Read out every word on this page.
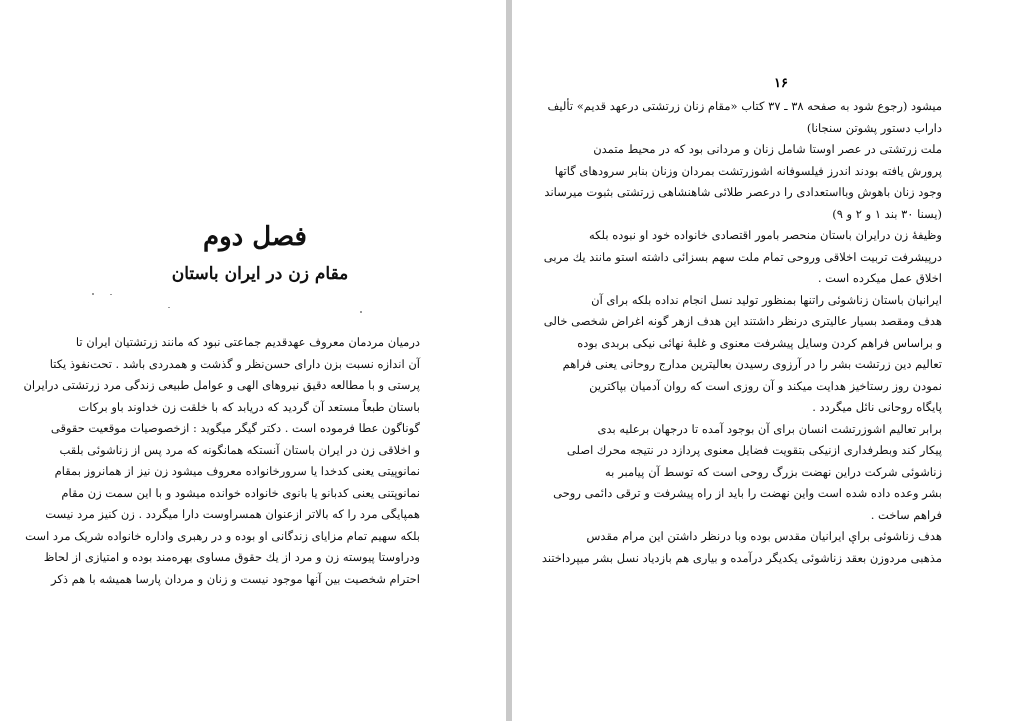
فصل دوم
مقام زن در ایران باستان
درمیان مردمان معروف عهدقدیم جماعتی نبود که مانند زرتشتیان ایران تا
آن اندازه نسبت بزن دارای حسن‌نظر و گذشت و همدردی باشد . تحت‌نفوذ یکتا
پرستی و با مطالعه دقیق نیروهای الهی و عوامل طبیعی زندگی مرد زرتشتی درایران
باستان طبعاً مستعد آن گردید که دریابد که با خلقت زن خداوند باو برکات
گوناگون عطا فرموده است . دکتر گیگر میگوید : ازخصوصیات موقعیت حقوقی
و اخلاقی زن در ایران باستان آنستکه همانگونه که مرد پس از زناشوئی بلقب
نمانوپیتی یعنی کدخدا یا سرورخانواده معروف میشود زن نیز از همانروز بمقام
نمانوپتنی یعنی کدبانو یا بانوی خانواده خوانده میشود و با این سمت زن مقام
همپایگی مرد را که بالاتر ازعنوان همسراوست دارا میگردد . زن کنیز مرد نیست
بلکه سهیم تمام مزایای زندگانی او بوده و در رهبری واداره خانواده شریک مرد است
ودراوستا پیوسته زن و مرد از یك حقوق مساوی بهره‌مند بوده و امتیازی از لحاظ
احترام شخصیت بین آنها موجود نیست و زنان و مردان پارسا همیشه با هم ذکر
۱۶
میشود (رجوع شود به صفحه ۳۸ ـ ۳۷ کتاب «مقام زنان زرتشتی درعهد قدیم» تألیف
داراب دستور پشوتن سنجانا)
ملت زرتشتی در عصر اوستا شامل زنان و مردانی بود که در محیط متمدن
پرورش یافته بودند اندرز فیلسوفانه اشوزرتشت بمردان وزنان بنابر سرودهای گاتها
وجود زنان باهوش وبااستعدادی را درعصر طلائی شاهنشاهی زرتشتی بثبوت میرساند
(یسنا ۳۰ بند ۱ و ۲ و ۹)
وظیفهٔ زن درایران باستان منحصر بامور اقتصادی خانواده خود او نبوده بلکه
درپیشرفت تربیت اخلاقی وروحی تمام ملت سهم بسزائی داشته استو مانند یك مربی
اخلاق عمل میکرده است .
ایرانیان باستان زناشوئی راتنها بمنظور تولید نسل انجام نداده بلکه برای آن
هدف ومقصد بسیار عالیتری درنظر داشتند این هدف ازهر گونه اغراض شخصی خالی
و براساس فراهم کردن وسایل پیشرفت معنوی و غلبهٔ نهائی نیکی بربدی بوده
تعالیم دین زرتشت بشر را در آرزوی رسیدن بعالیترین مدارج روحانی یعنی فراهم
نمودن روز رستاخیز هدایت میکند و آن روزی است که روان آدمیان بپاکترین
پایگاه روحانی نائل میگردد .
برابر تعالیم اشوزرتشت انسان برای آن بوجود آمده تا درجهان برعلیه بدی
پیکار کند وبطرفداری ازنیکی بتقویت فضایل معنوی پردازد در نتیجه محرك اصلی
زناشوئی شرکت دراین نهضت بزرگ روحی است که توسط آن پیامبر به
بشر وعده داده شده است واین نهضت را باید از راه پیشرفت و ترقی دائمی روحی
فراهم ساخت .
هدف زناشوئی برای ایرانیان مقدس بوده وبا درنظر داشتن این مرام مقدس
مذهبی مردوزن بعقد زناشوئی یکدیگر درآمده و بیاری هم بازدیاد نسل بشر میپرداختند
